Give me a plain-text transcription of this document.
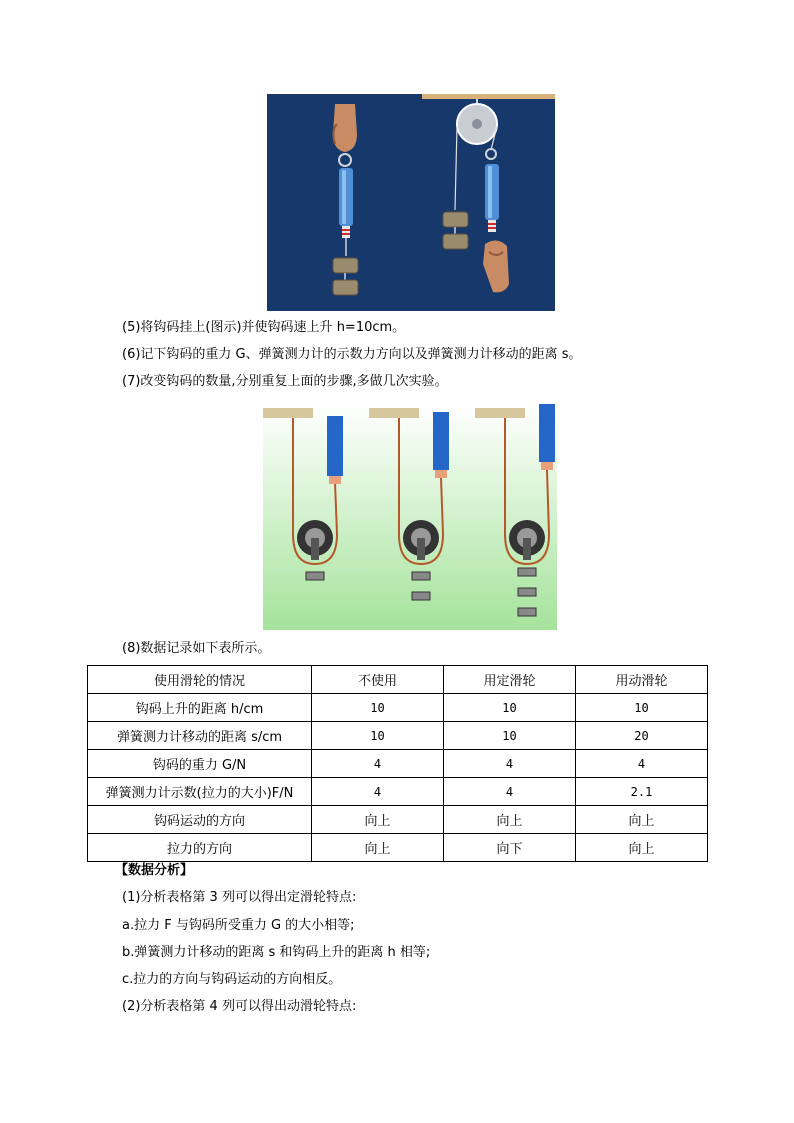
(5)将钩码挂上(图示)并使钩码速上升 h=10cm。
(6)记下钩码的重力 G、弹簧测力计的示数力方向以及弹簧测力计移动的距离 s。
(7)改变钩码的数量,分别重复上面的步骤,多做几次实验。
(8)数据记录如下表所示。
使用滑轮的情况	不使用	用定滑轮	用动滑轮
钩码上升的距离 h/cm	10	10	10
弹簧测力计移动的距离 s/cm	10	10	20
钩码的重力 G/N	4	4	4
弹簧测力计示数(拉力的大小)F/N	4	4	2.1
钩码运动的方向	向上	向上	向上
拉力的方向	向上	向下	向上
【数据分析】
(1)分析表格第 3 列可以得出定滑轮特点:
a.拉力 F 与钩码所受重力 G 的大小相等;
b.弹簧测力计移动的距离 s 和钩码上升的距离 h 相等;
c.拉力的方向与钩码运动的方向相反。
(2)分析表格第 4 列可以得出动滑轮特点:
